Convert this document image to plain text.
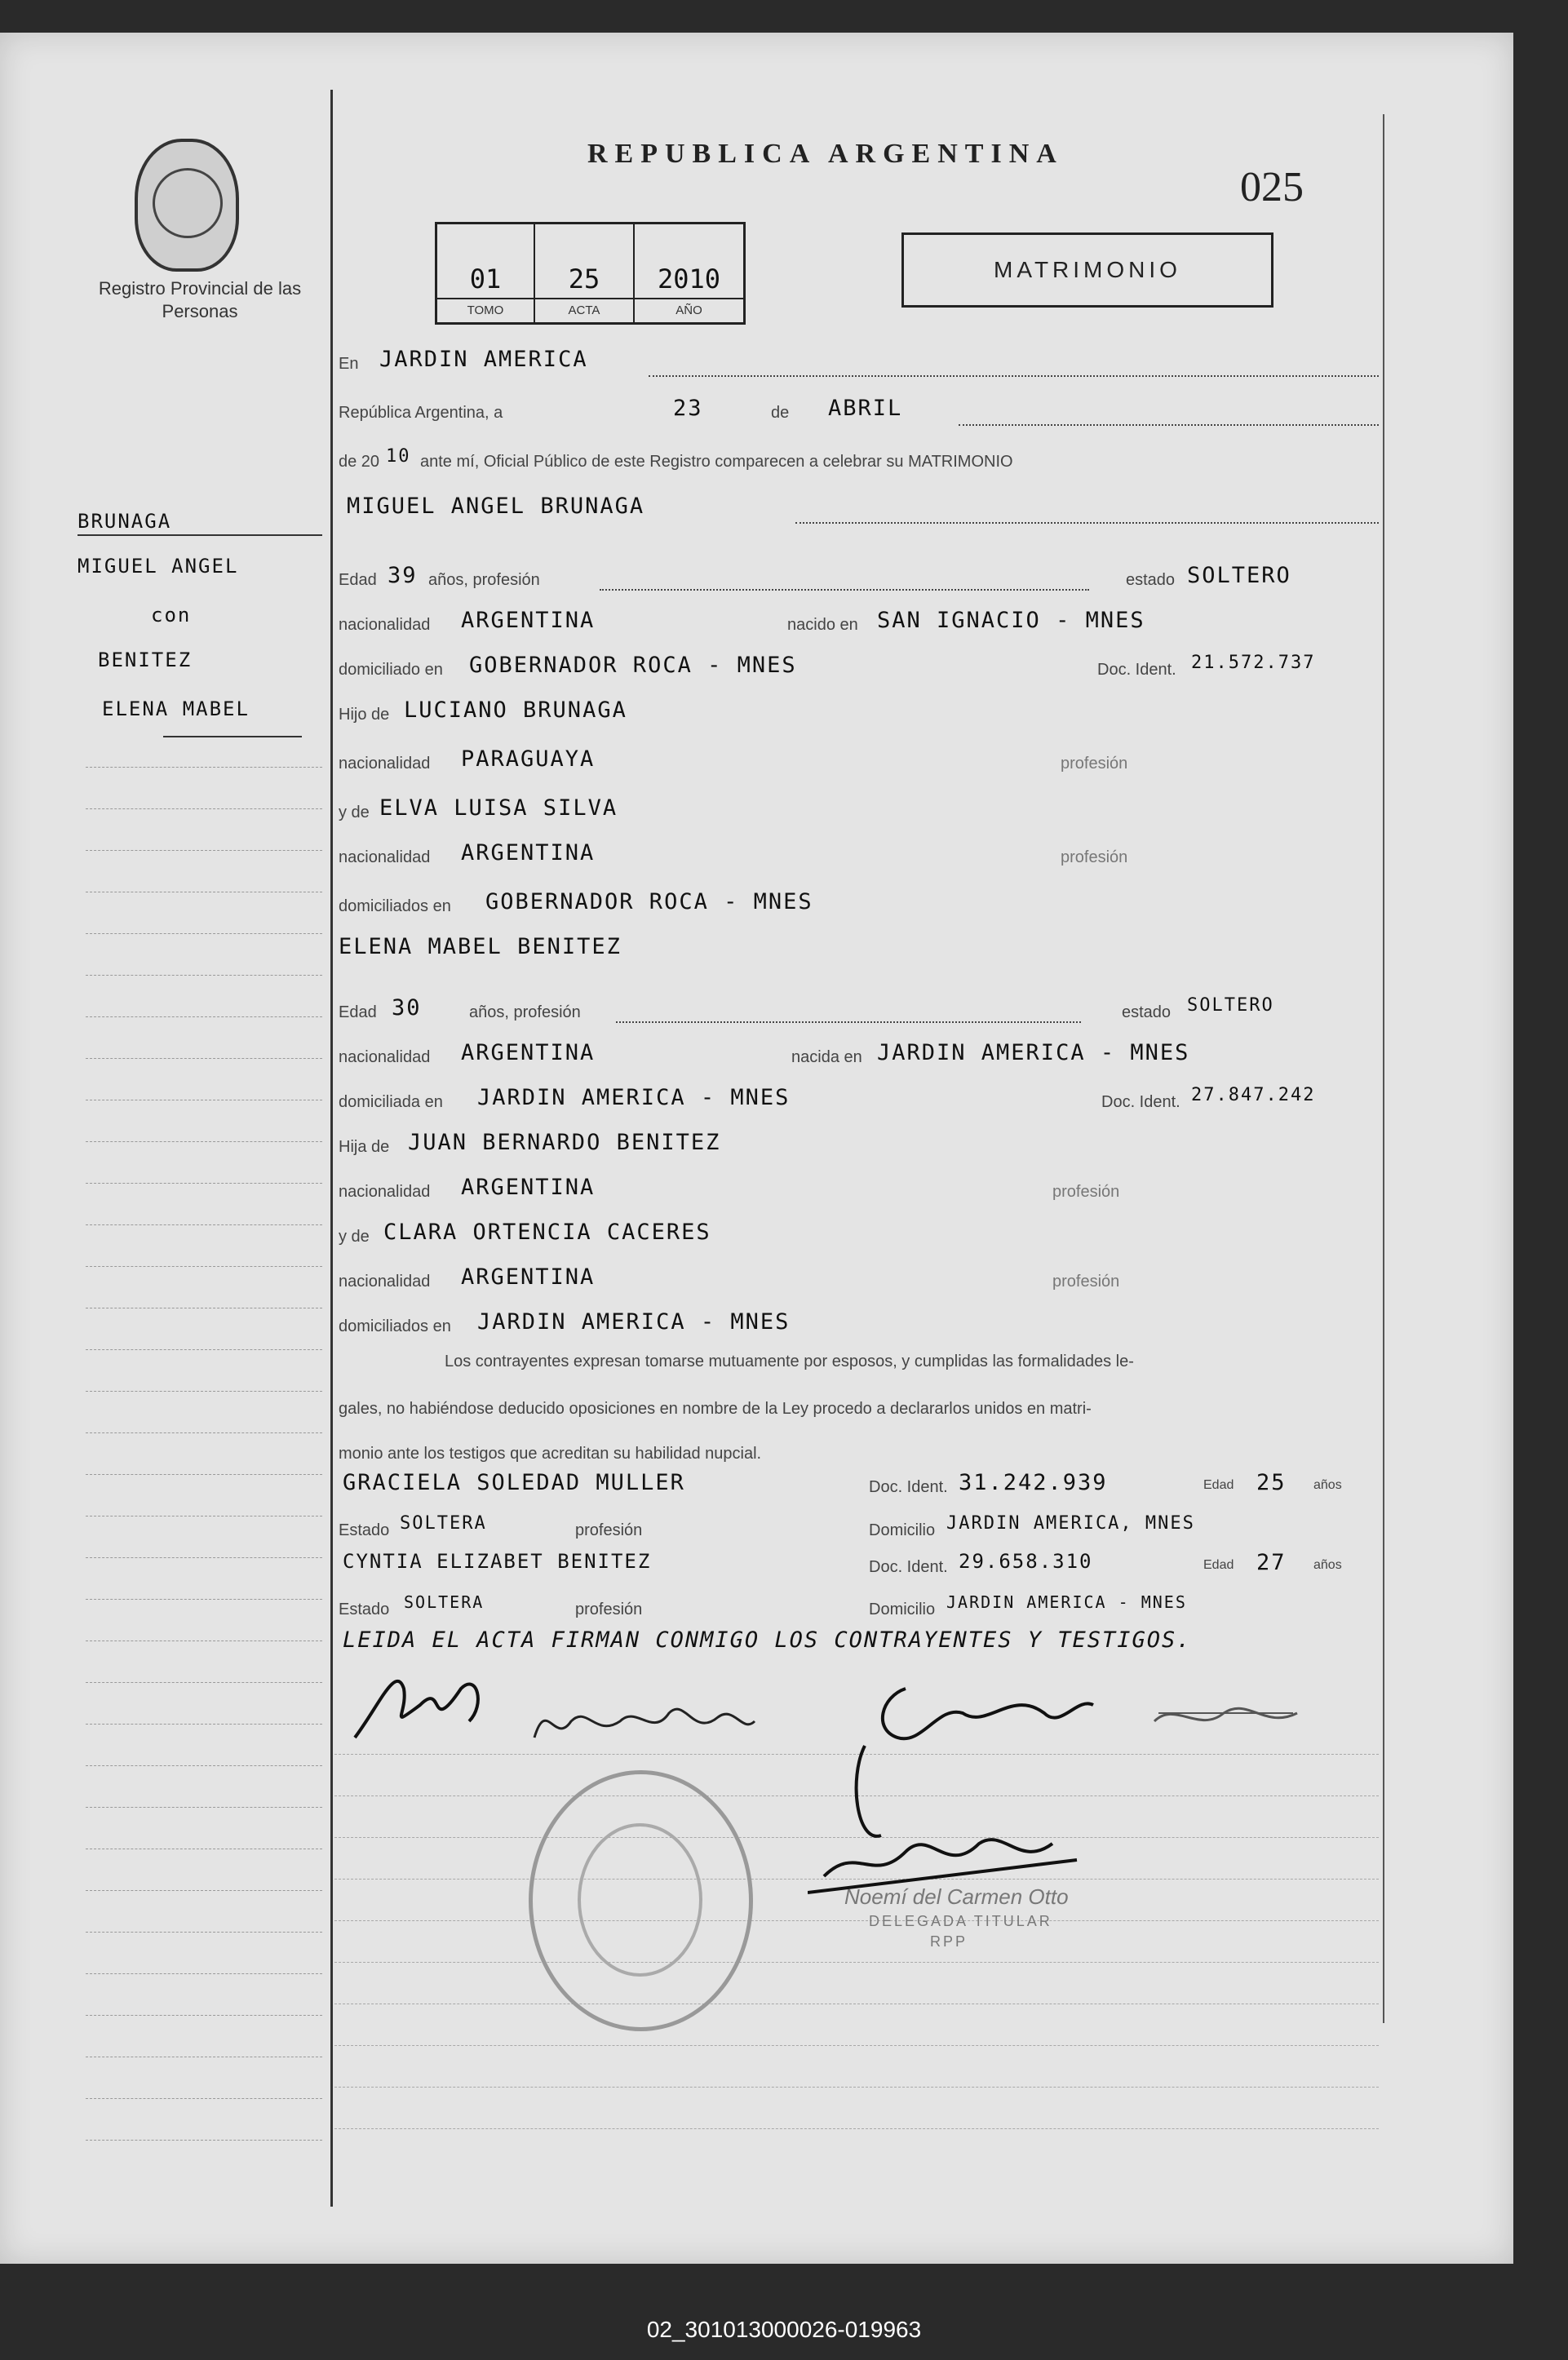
Registro Provincial de las Personas
REPUBLICA ARGENTINA
025
01
TOMO
25
ACTA
2010
AÑO
MATRIMONIO
BRUNAGA
MIGUEL ANGEL
con
BENITEZ
ELENA MABEL
En JARDIN AMERICA
República Argentina, a	23	de ABRIL
de 20 10 ante mí, Oficial Público de este Registro comparecen a celebrar su MATRIMONIO
MIGUEL ANGEL BRUNAGA
Edad 39 años, profesión	estado SOLTERO
nacionalidad ARGENTINA	nacido en SAN IGNACIO - MNES
domiciliado en GOBERNADOR ROCA - MNES	Doc. Ident. 21.572.737
Hijo de LUCIANO BRUNAGA
nacionalidad PARAGUAYA	profesión
y de ELVA LUISA SILVA
nacionalidad ARGENTINA	profesión
domiciliados en GOBERNADOR ROCA - MNES
ELENA MABEL BENITEZ
Edad 30	años, profesión	estado SOLTERO
nacionalidad ARGENTINA	nacida en JARDIN AMERICA - MNES
domiciliada en JARDIN AMERICA - MNES	Doc. Ident. 27.847.242
Hija de JUAN BERNARDO BENITEZ
nacionalidad ARGENTINA	profesión
y de CLARA ORTENCIA CACERES
nacionalidad ARGENTINA	profesión
domiciliados en JARDIN AMERICA - MNES
Los contrayentes expresan tomarse mutuamente por esposos, y cumplidas las formalidades le-
gales, no habiéndose deducido oposiciones en nombre de la Ley procedo a declararlos unidos en matri-
monio ante los testigos que acreditan su habilidad nupcial.
GRACIELA SOLEDAD MULLER	Doc. Ident. 31.242.939	Edad 25 años
Estado SOLTERA	profesión	Domicilio JARDIN AMERICA, MNES
CYNTIA ELIZABET BENITEZ	Doc. Ident. 29.658.310	Edad 27 años
Estado SOLTERA	profesión	Domicilio JARDIN AMERICA - MNES
LEIDA EL ACTA FIRMAN CONMIGO LOS CONTRAYENTES Y TESTIGOS.
Noemí del Carmen Otto
DELEGADA TITULAR
RPP
02_301013000026-019963
